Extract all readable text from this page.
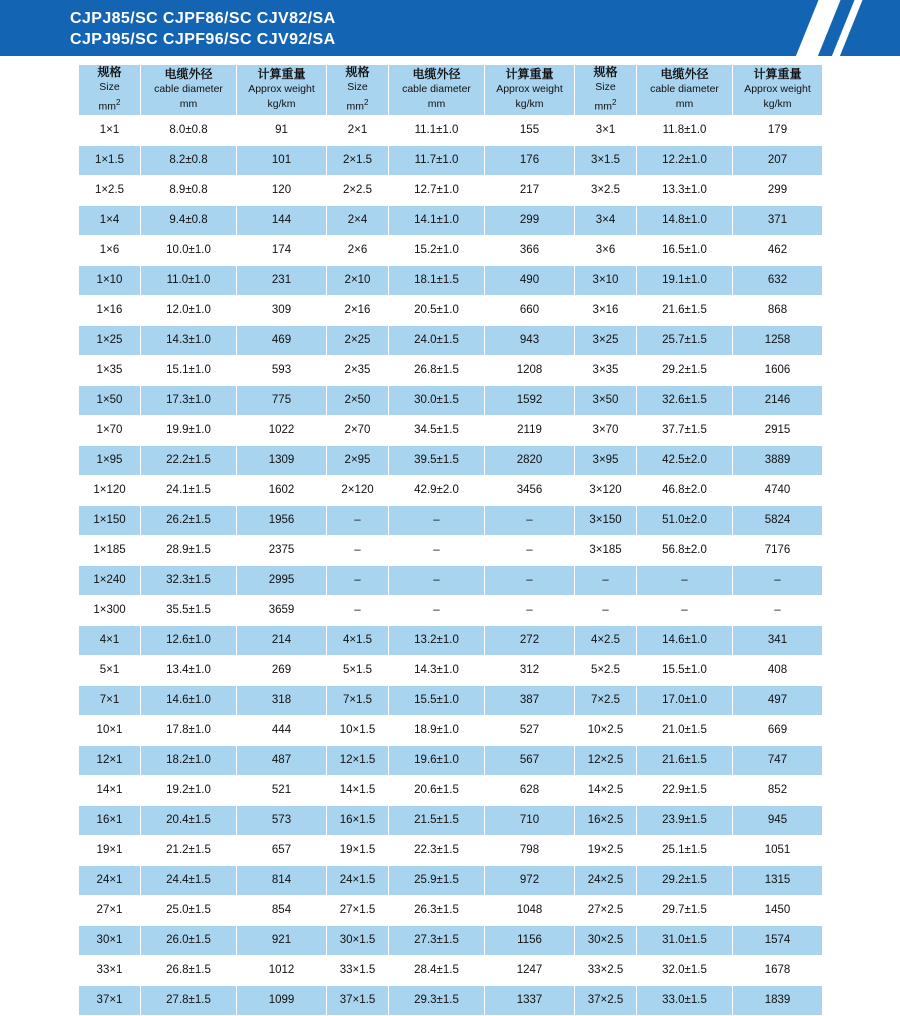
CJPJ85/SC CJPF86/SC CJV82/SA
CJPJ95/SC CJPF96/SC CJV92/SA
规格
Size
$mm^2$	电缆外径
cable diameter
mm	计算重量
Approx weight
kg/km	规格
Size
$mm^2$	电缆外径
cable diameter
mm	计算重量
Approx weight
kg/km	规格
Size
$mm^2$	电缆外径
cable diameter
mm	计算重量
Approx weight
kg/km

1×1	8.0±0.8	91	2×1	11.1±1.0	155	3×1	11.8±1.0	179
1×1.5	8.2±0.8	101	2×1.5	11.7±1.0	176	3×1.5	12.2±1.0	207
1×2.5	8.9±0.8	120	2×2.5	12.7±1.0	217	3×2.5	13.3±1.0	299
1×4	9.4±0.8	144	2×4	14.1±1.0	299	3×4	14.8±1.0	371
1×6	10.0±1.0	174	2×6	15.2±1.0	366	3×6	16.5±1.0	462
1×10	11.0±1.0	231	2×10	18.1±1.5	490	3×10	19.1±1.0	632
1×16	12.0±1.0	309	2×16	20.5±1.0	660	3×16	21.6±1.5	868
1×25	14.3±1.0	469	2×25	24.0±1.5	943	3×25	25.7±1.5	1258
1×35	15.1±1.0	593	2×35	26.8±1.5	1208	3×35	29.2±1.5	1606
1×50	17.3±1.0	775	2×50	30.0±1.5	1592	3×50	32.6±1.5	2146
1×70	19.9±1.0	1022	2×70	34.5±1.5	2119	3×70	37.7±1.5	2915
1×95	22.2±1.5	1309	2×95	39.5±1.5	2820	3×95	42.5±2.0	3889
1×120	24.1±1.5	1602	2×120	42.9±2.0	3456	3×120	46.8±2.0	4740
1×150	26.2±1.5	1956	–	–	–	3×150	51.0±2.0	5824
1×185	28.9±1.5	2375	–	–	–	3×185	56.8±2.0	7176
1×240	32.3±1.5	2995	–	–	–	–	–	–
1×300	35.5±1.5	3659	–	–	–	–	–	–
4×1	12.6±1.0	214	4×1.5	13.2±1.0	272	4×2.5	14.6±1.0	341
5×1	13.4±1.0	269	5×1.5	14.3±1.0	312	5×2.5	15.5±1.0	408
7×1	14.6±1.0	318	7×1.5	15.5±1.0	387	7×2.5	17.0±1.0	497
10×1	17.8±1.0	444	10×1.5	18.9±1.0	527	10×2.5	21.0±1.5	669
12×1	18.2±1.0	487	12×1.5	19.6±1.0	567	12×2.5	21.6±1.5	747
14×1	19.2±1.0	521	14×1.5	20.6±1.5	628	14×2.5	22.9±1.5	852
16×1	20.4±1.5	573	16×1.5	21.5±1.5	710	16×2.5	23.9±1.5	945
19×1	21.2±1.5	657	19×1.5	22.3±1.5	798	19×2.5	25.1±1.5	1051
24×1	24.4±1.5	814	24×1.5	25.9±1.5	972	24×2.5	29.2±1.5	1315
27×1	25.0±1.5	854	27×1.5	26.3±1.5	1048	27×2.5	29.7±1.5	1450
30×1	26.0±1.5	921	30×1.5	27.3±1.5	1156	30×2.5	31.0±1.5	1574
33×1	26.8±1.5	1012	33×1.5	28.4±1.5	1247	33×2.5	32.0±1.5	1678
37×1	27.8±1.5	1099	37×1.5	29.3±1.5	1337	37×2.5	33.0±1.5	1839
